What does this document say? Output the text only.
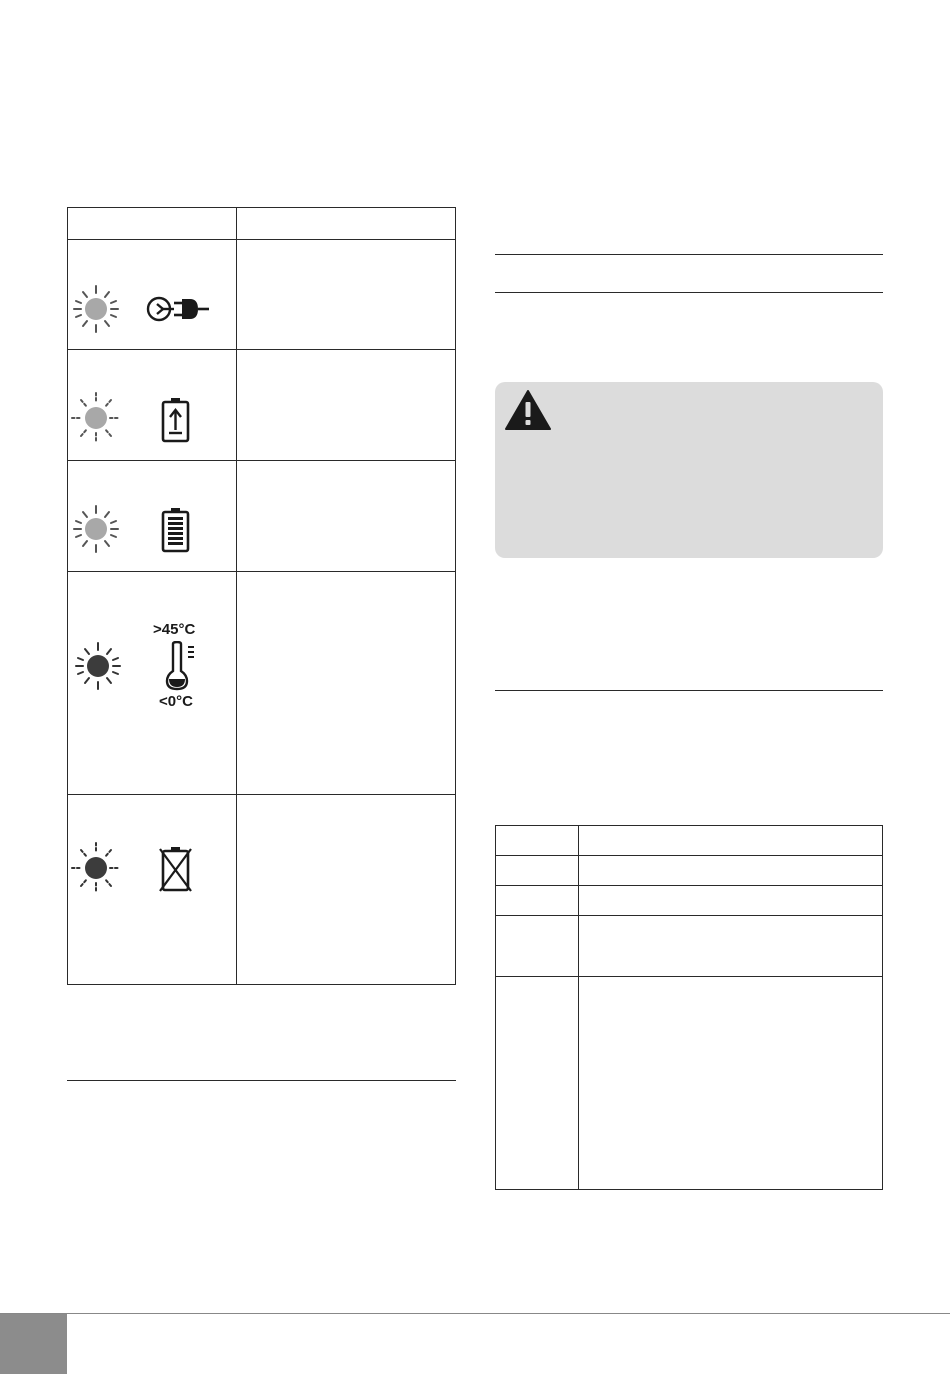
>45°C
<0°C
